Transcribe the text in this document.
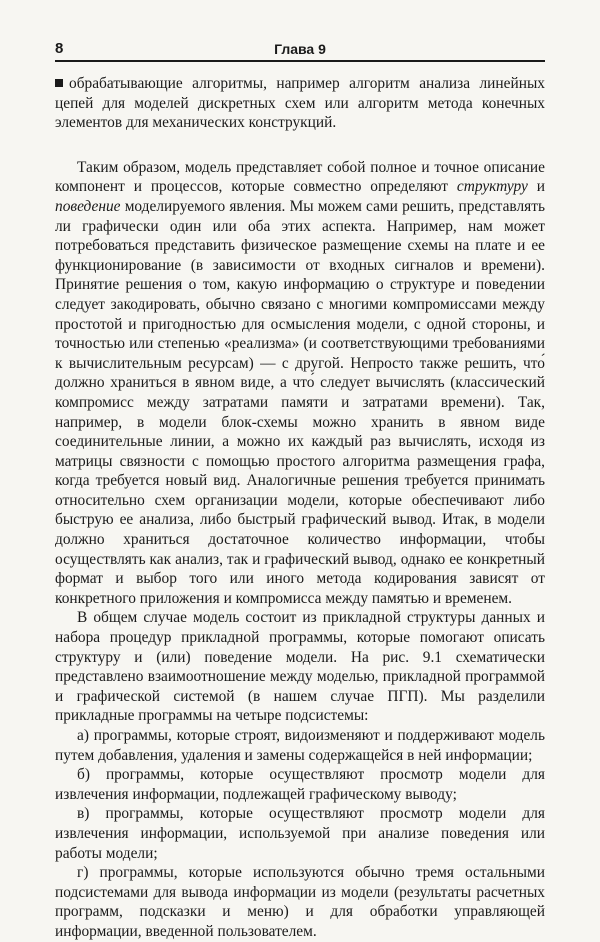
8	Глава 9

обрабатывающие алгоритмы, например алгоритм анализа линейных цепей для моделей дискретных схем или алгоритм метода конечных элементов для механических конструкций.

Таким образом, модель представляет собой полное и точное описание компонент и процессов, которые совместно определяют структуру и поведение моделируемого явления. Мы можем сами решить, представлять ли графически один или оба этих аспекта. Например, нам может потребоваться представить физическое размещение схемы на плате и ее функционирование (в зависимости от входных сигналов и времени). Принятие решения о том, какую информацию о структуре и поведении следует закодировать, обычно связано с многими компромиссами между простотой и пригодностью для осмысления модели, с одной стороны, и точностью или степенью «реализма» (и соответствующими требованиями к вычислительным ресурсам) — с другой. Непросто также решить, что́ должно храниться в явном виде, а что́ следует вычислять (классический компромисс между затратами памяти и затратами времени). Так, например, в модели блок-схемы можно хранить в явном виде соединительные линии, а можно их каждый раз вычислять, исходя из матрицы связности с помощью простого алгоритма размещения графа, когда требуется новый вид. Аналогичные решения требуется принимать относительно схем организации модели, которые обеспечивают либо быструю ее анализа, либо быстрый графический вывод. Итак, в модели должно храниться достаточное количество информации, чтобы осуществлять как анализ, так и графический вывод, однако ее конкретный формат и выбор того или иного метода кодирования зависят от конкретного приложения и компромисса между памятью и временем.

В общем случае модель состоит из прикладной структуры данных и набора процедур прикладной программы, которые помогают описать структуру и (или) поведение модели. На рис. 9.1 схематически представлено взаимоотношение между моделью, прикладной программой и графической системой (в нашем случае ПГП). Мы разделили прикладные программы на четыре подсистемы:

а) программы, которые строят, видоизменяют и поддерживают модель путем добавления, удаления и замены содержащейся в ней информации;

б) программы, которые осуществляют просмотр модели для извлечения информации, подлежащей графическому выводу;

в) программы, которые осуществляют просмотр модели для извлечения информации, используемой при анализе поведения или работы модели;

г) программы, которые используются обычно тремя остальными подсистемами для вывода информации из модели (результаты расчетных программ, подсказки и меню) и для обработки управляющей информации, введенной пользователем.
